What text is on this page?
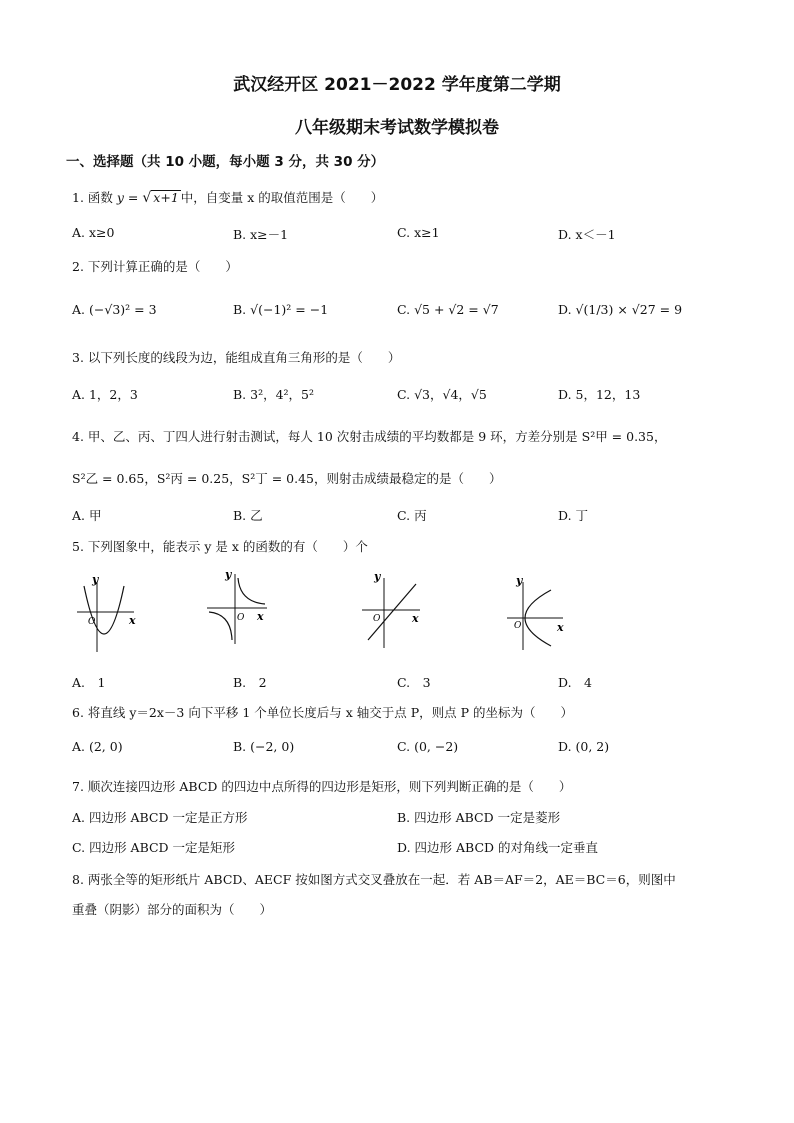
武汉经开区 2021－2022 学年度第二学期
八年级期末考试数学模拟卷
一、选择题（共 10 小题，每小题 3 分，共 30 分）
1. 函数 y = √ x+1 中，自变量 x 的取值范围是（　　）
A. x≥0	B. x≥－1	C. x≥1	D. x＜－1
2. 下列计算正确的是（　　）
A. (−√3)² = 3	B. √(−1)² = −1	C. √5 + √2 = √7	D. √(1/3) × √27 = 9
3. 以下列长度的线段为边，能组成直角三角形的是（　　）
A. 1，2，3	B. 3²，4²，5²	C. √3，√4，√5	D. 5，12，13
4. 甲、乙、丙、丁四人进行射击测试，每人 10 次射击成绩的平均数都是 9 环，方差分别是 S²甲 = 0.35，
S²乙 = 0.65，S²丙 = 0.25，S²丁 = 0.45，则射击成绩最稳定的是（　　）
A. 甲	B. 乙	C. 丙	D. 丁
5. 下列图象中，能表示 y 是 x 的函数的有（　　）个
y
x
O
y
x
O
y
x
O
y
x
O
A.　1	B.　2	C.　3	D.　4
6. 将直线 y＝2x－3 向下平移 1 个单位长度后与 x 轴交于点 P，则点 P 的坐标为（　　）
A. (2, 0)	B. (−2, 0)	C. (0, −2)	D. (0, 2)
7. 顺次连接四边形 ABCD 的四边中点所得的四边形是矩形，则下列判断正确的是（　　）
A. 四边形 ABCD 一定是正方形	B. 四边形 ABCD 一定是菱形
C. 四边形 ABCD 一定是矩形	D. 四边形 ABCD 的对角线一定垂直
8. 两张全等的矩形纸片 ABCD、AECF 按如图方式交叉叠放在一起．若 AB＝AF＝2，AE＝BC＝6，则图中
重叠（阴影）部分的面积为（　　）
